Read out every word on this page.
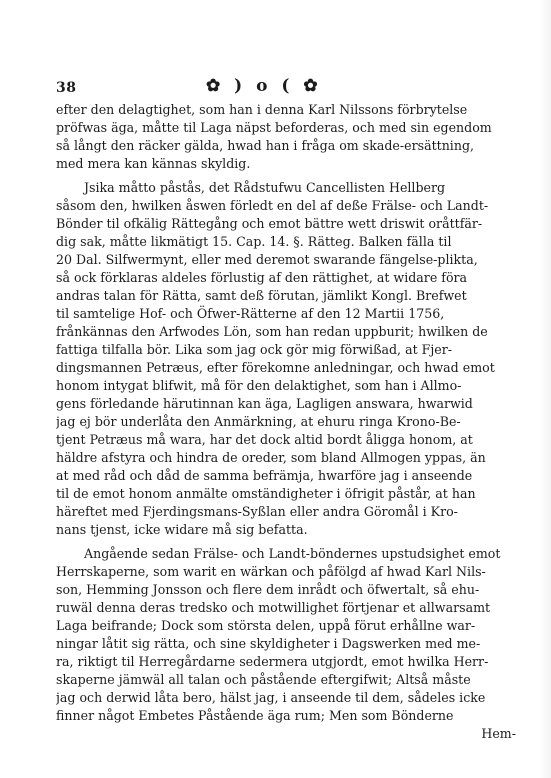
38	✿ ) o ( ✿
efter den delagtighet, som han i denna Karl Nilssons förbrytelse
pröfwas äga, måtte til Laga näpst beforderas, och med sin egendom
så långt den räcker gälda, hwad han i fråga om skade-ersättning,
med mera kan kännas skyldig.
Jsika måtto påstås, det Rådstufwu Cancellisten Hellberg
såsom den, hwilken åswen förledt en del af deße Frälse- och Landt-
Bönder til ofkälig Rättegång och emot bättre wett driswit oråttfär-
dig sak, måtte likmätigt 15. Cap. 14. §. Rätteg. Balken fälla til
20 Dal. Silfwermynt, eller med deremot swarande fängelse-plikta,
så ock förklaras aldeles förlustig af den rättighet, at widare föra
andras talan för Rätta, samt deß förutan, jämlikt Kongl. Brefwet
til samtelige Hof- och Öfwer-Rätterne af den 12 Martii 1756,
frånkännas den Arfwodes Lön, som han redan uppburit; hwilken de
fattiga tilfalla bör. Lika som jag ock gör mig förwißad, at Fjer-
dingsmannen Petræus, efter förekomne anledningar, och hwad emot
honom intygat blifwit, må för den delaktighet, som han i Allmo-
gens förledande härutinnan kan äga, Lagligen answara, hwarwid
jag ej bör underlåta den Anmärkning, at ehuru ringa Krono-Be-
tjent Petræus må wara, har det dock altid bordt åligga honom, at
häldre afstyra och hindra de oreder, som bland Allmogen yppas, än
at med råd och dåd de samma befrämja, hwarföre jag i anseende
til de emot honom anmälte omständigheter i öfrigit påstår, at han
häreftet med Fjerdingsmans-Syßlan eller andra Göromål i Kro-
nans tjenst, icke widare må sig befatta.
Angående sedan Frälse- och Landt-böndernes upstudsighet emot
Herrskaperne, som warit en wärkan och påfölgd af hwad Karl Nils-
son, Hemming Jonsson och flere dem inrådt och öfwertalt, så ehu-
ruwäl denna deras tredsko och motwillighet förtjenar et allwarsamt
Laga beifrande; Dock som största delen, uppå förut erhållne war-
ningar låtit sig rätta, och sine skyldigheter i Dagswerken med me-
ra, riktigt til Herregårdarne sedermera utgjordt, emot hwilka Herr-
skaperne jämwäl all talan och påstående eftergifwit; Altså måste
jag och derwid låta bero, hälst jag, i anseende til dem, sådeles icke
finner något Embetes Påstående äga rum; Men som Bönderne
Hem-
